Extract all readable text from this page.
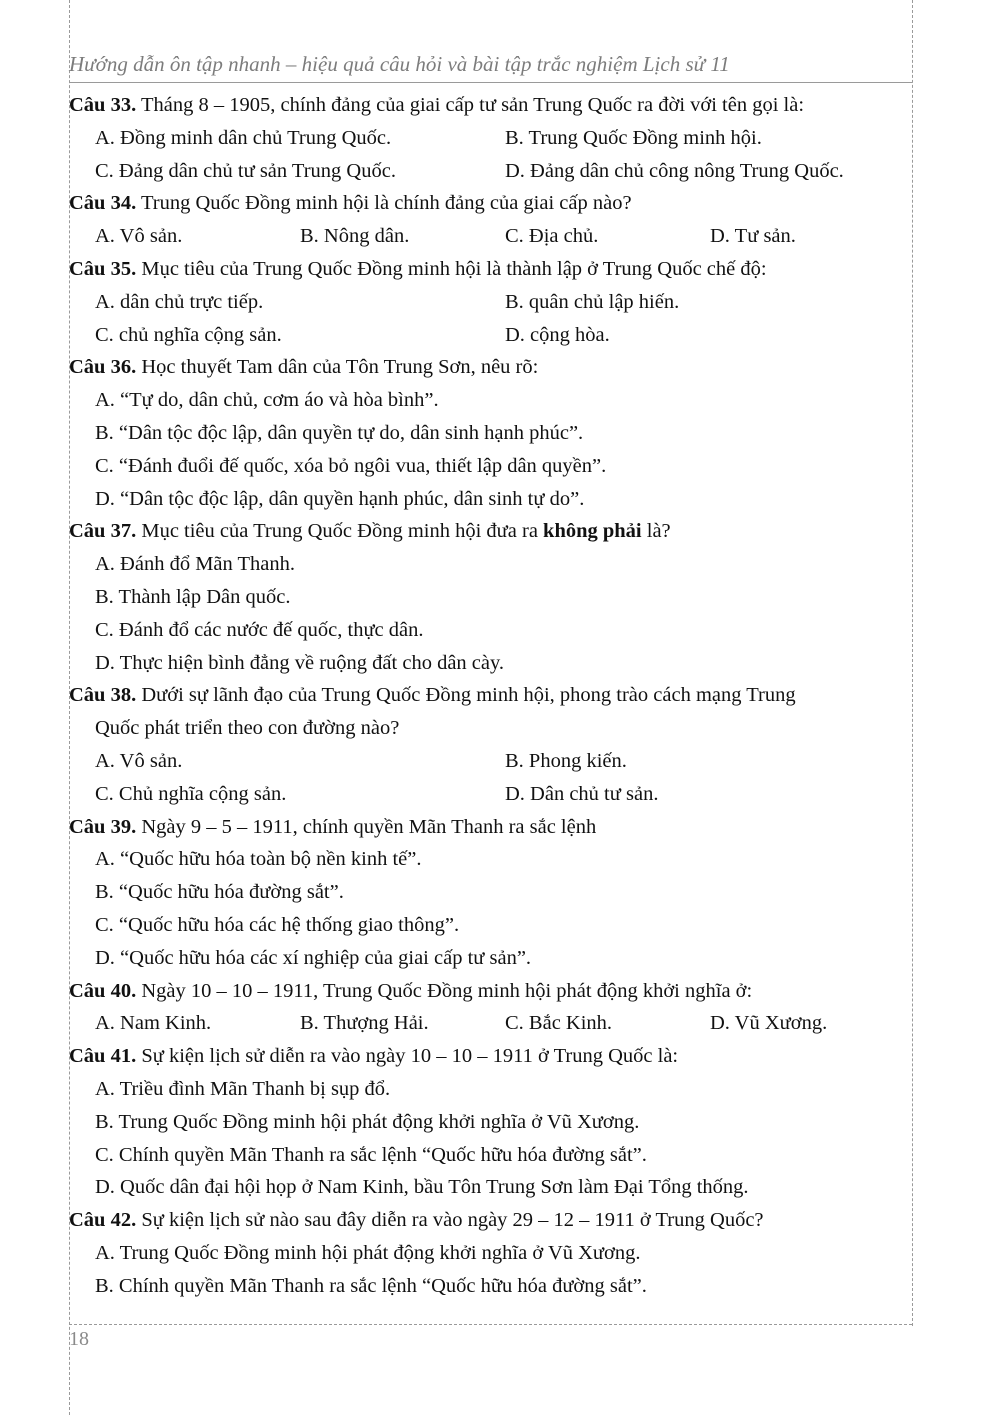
Hướng dẫn ôn tập nhanh – hiệu quả câu hỏi và bài tập trắc nghiệm Lịch sử 11
Câu 33. Tháng 8 – 1905, chính đảng của giai cấp tư sản Trung Quốc ra đời với tên gọi là:
A. Đồng minh dân chủ Trung Quốc.	B. Trung Quốc Đồng minh hội.
C. Đảng dân chủ tư sản Trung Quốc.	D. Đảng dân chủ công nông Trung Quốc.
Câu 34. Trung Quốc Đồng minh hội là chính đảng của giai cấp nào?
A. Vô sản.	B. Nông dân.	C. Địa chủ.	D. Tư sản.
Câu 35. Mục tiêu của Trung Quốc Đồng minh hội là thành lập ở Trung Quốc chế độ:
A. dân chủ trực tiếp.	B. quân chủ lập hiến.
C. chủ nghĩa cộng sản.	D. cộng hòa.
Câu 36. Học thuyết Tam dân của Tôn Trung Sơn, nêu rõ:
A. “Tự do, dân chủ, cơm áo và hòa bình”.
B. “Dân tộc độc lập, dân quyền tự do, dân sinh hạnh phúc”.
C. “Đánh đuổi đế quốc, xóa bỏ ngôi vua, thiết lập dân quyền”.
D. “Dân tộc độc lập, dân quyền hạnh phúc, dân sinh tự do”.
Câu 37. Mục tiêu của Trung Quốc Đồng minh hội đưa ra không phải là?
A. Đánh đổ Mãn Thanh.
B. Thành lập Dân quốc.
C. Đánh đổ các nước đế quốc, thực dân.
D. Thực hiện bình đẳng về ruộng đất cho dân cày.
Câu 38. Dưới sự lãnh đạo của Trung Quốc Đồng minh hội, phong trào cách mạng Trung
Quốc phát triển theo con đường nào?
A. Vô sản.	B. Phong kiến.
C. Chủ nghĩa cộng sản.	D. Dân chủ tư sản.
Câu 39. Ngày 9 – 5 – 1911, chính quyền Mãn Thanh ra sắc lệnh
A. “Quốc hữu hóa toàn bộ nền kinh tế”.
B. “Quốc hữu hóa đường sắt”.
C. “Quốc hữu hóa các hệ thống giao thông”.
D. “Quốc hữu hóa các xí nghiệp của giai cấp tư sản”.
Câu 40. Ngày 10 – 10 – 1911, Trung Quốc Đồng minh hội phát động khởi nghĩa ở:
A. Nam Kinh.	B. Thượng Hải.	C. Bắc Kinh.	D. Vũ Xương.
Câu 41. Sự kiện lịch sử diễn ra vào ngày 10 – 10 – 1911 ở Trung Quốc là:
A. Triều đình Mãn Thanh bị sụp đổ.
B. Trung Quốc Đồng minh hội phát động khởi nghĩa ở Vũ Xương.
C. Chính quyền Mãn Thanh ra sắc lệnh “Quốc hữu hóa đường sắt”.
D. Quốc dân đại hội họp ở Nam Kinh, bầu Tôn Trung Sơn làm Đại Tổng thống.
Câu 42. Sự kiện lịch sử nào sau đây diễn ra vào ngày 29 – 12 – 1911 ở Trung Quốc?
A. Trung Quốc Đồng minh hội phát động khởi nghĩa ở Vũ Xương.
B. Chính quyền Mãn Thanh ra sắc lệnh “Quốc hữu hóa đường sắt”.
18
